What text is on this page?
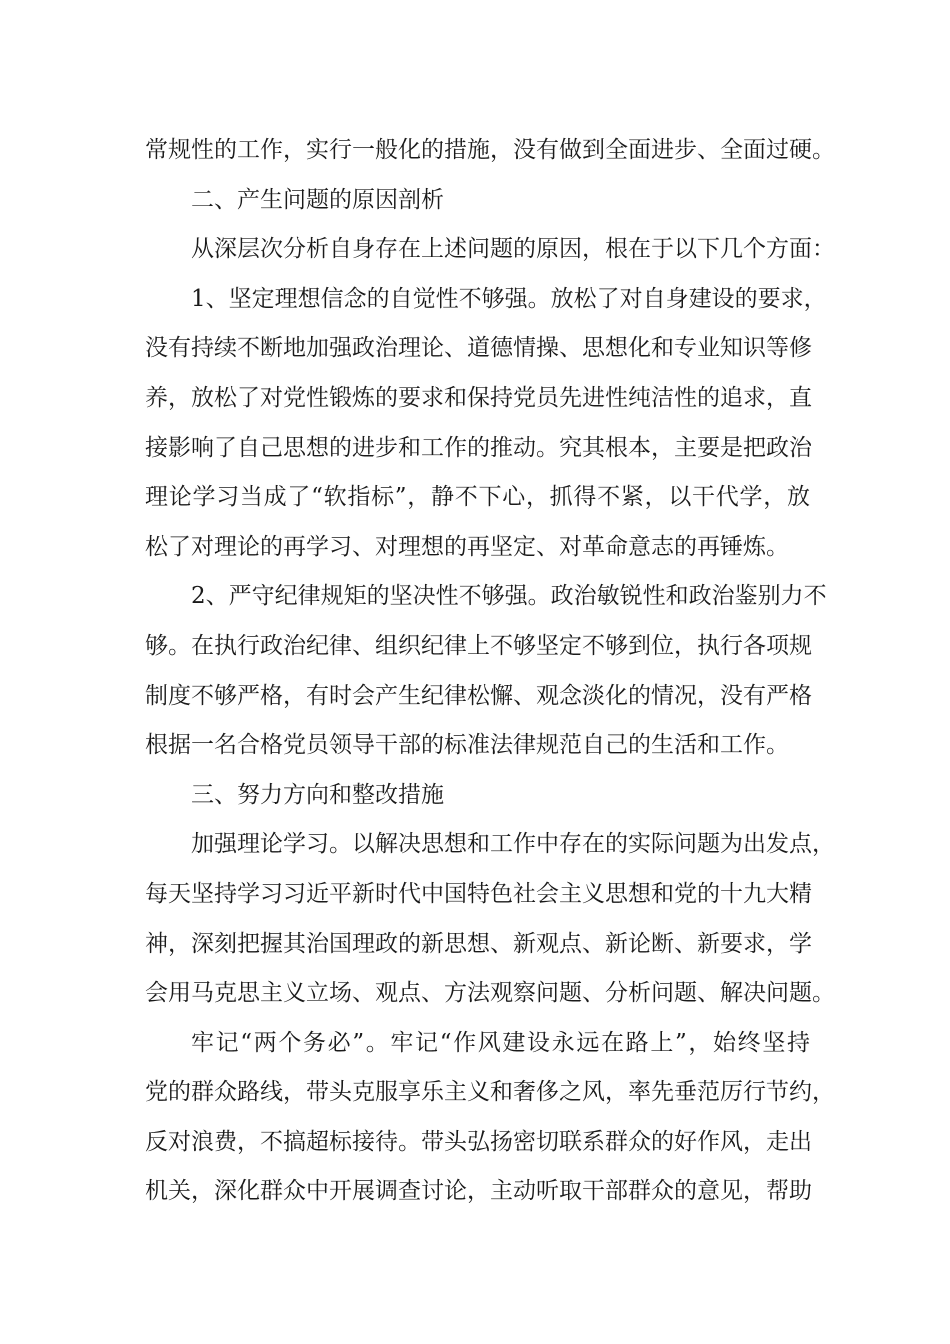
常规性的工作，实行一般化的措施，没有做到全面进步、全面过硬。
二、产生问题的原因剖析
从深层次分析自身存在上述问题的原因，根在于以下几个方面：
1、坚定理想信念的自觉性不够强。放松了对自身建设的要求，
没有持续不断地加强政治理论、道德情操、思想化和专业知识等修
养，放松了对党性锻炼的要求和保持党员先进性纯洁性的追求，直
接影响了自己思想的进步和工作的推动。究其根本，主要是把政治
理论学习当成了“软指标”，静不下心，抓得不紧，以干代学，放
松了对理论的再学习、对理想的再坚定、对革命意志的再锤炼。
2、严守纪律规矩的坚决性不够强。政治敏锐性和政治鉴别力不
够。在执行政治纪律、组织纪律上不够坚定不够到位，执行各项规
制度不够严格，有时会产生纪律松懈、观念淡化的情况，没有严格
根据一名合格党员领导干部的标准法律规范自己的生活和工作。
三、努力方向和整改措施
加强理论学习。以解决思想和工作中存在的实际问题为出发点，
每天坚持学习习近平新时代中国特色社会主义思想和党的十九大精
神，深刻把握其治国理政的新思想、新观点、新论断、新要求，学
会用马克思主义立场、观点、方法观察问题、分析问题、解决问题。
牢记“两个务必”。牢记“作风建设永远在路上”，始终坚持
党的群众路线，带头克服享乐主义和奢侈之风，率先垂范厉行节约，
反对浪费，不搞超标接待。带头弘扬密切联系群众的好作风，走出
机关，深化群众中开展调查讨论，主动听取干部群众的意见，帮助
